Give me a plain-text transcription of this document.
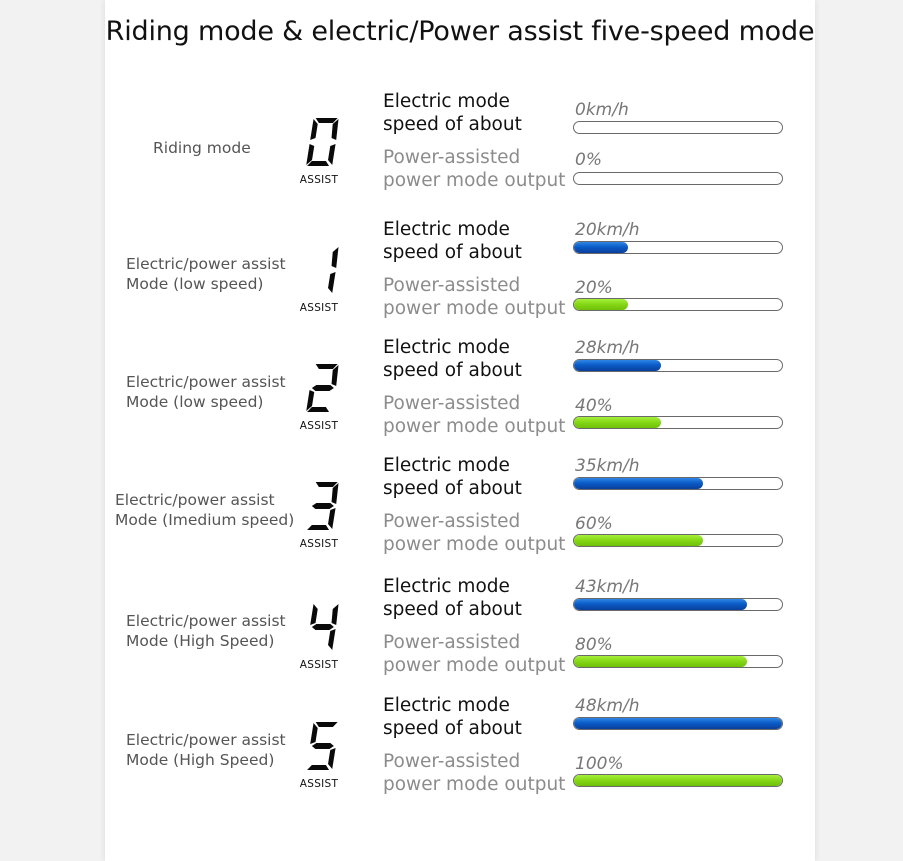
Riding mode & electric/Power assist five-speed mode
Riding mode
ASSIST
Electric mode
speed of about
0km/h
Power-assisted
power mode output
0%
Electric/power assist
Mode (low speed)
ASSIST
Electric mode
speed of about
20km/h
Power-assisted
power mode output
20%
Electric/power assist
Mode (low speed)
ASSIST
Electric mode
speed of about
28km/h
Power-assisted
power mode output
40%
Electric/power assist
Mode (Imedium speed)
ASSIST
Electric mode
speed of about
35km/h
Power-assisted
power mode output
60%
Electric/power assist
Mode (High Speed)
ASSIST
Electric mode
speed of about
43km/h
Power-assisted
power mode output
80%
Electric/power assist
Mode (High Speed)
ASSIST
Electric mode
speed of about
48km/h
Power-assisted
power mode output
100%
